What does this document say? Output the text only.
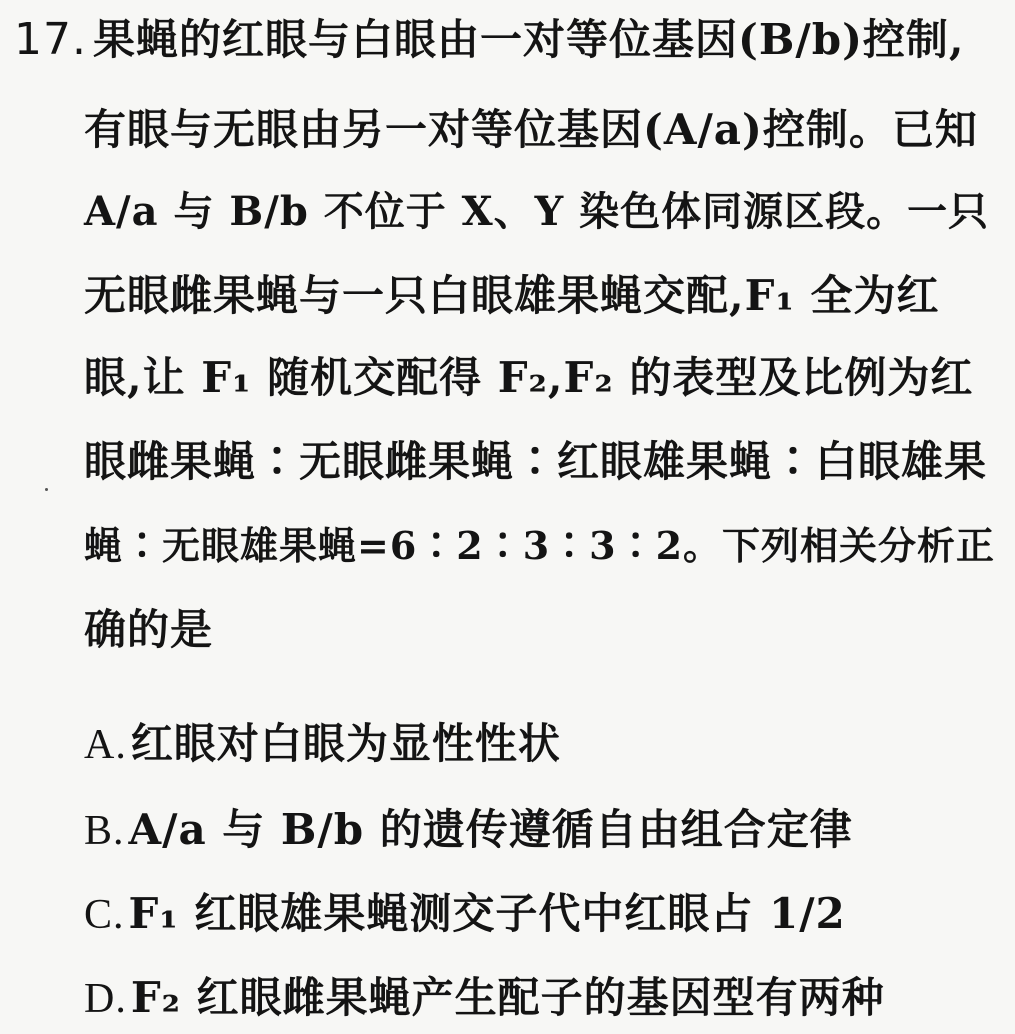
17. 果蝇的红眼与白眼由一对等位基因(B/b)控制,
有眼与无眼由另一对等位基因(A/a)控制。已知
A/a 与 B/b 不位于 X、Y 染色体同源区段。一只
无眼雌果蝇与一只白眼雄果蝇交配,F₁ 全为红
眼,让 F₁ 随机交配得 F₂,F₂ 的表型及比例为红
眼雌果蝇∶无眼雌果蝇∶红眼雄果蝇∶白眼雄果
蝇∶无眼雄果蝇=6∶2∶3∶3∶2。下列相关分析正
确的是
A.红眼对白眼为显性性状
B.A/a 与 B/b 的遗传遵循自由组合定律
C.F₁ 红眼雄果蝇测交子代中红眼占 1/2
D.F₂ 红眼雌果蝇产生配子的基因型有两种
